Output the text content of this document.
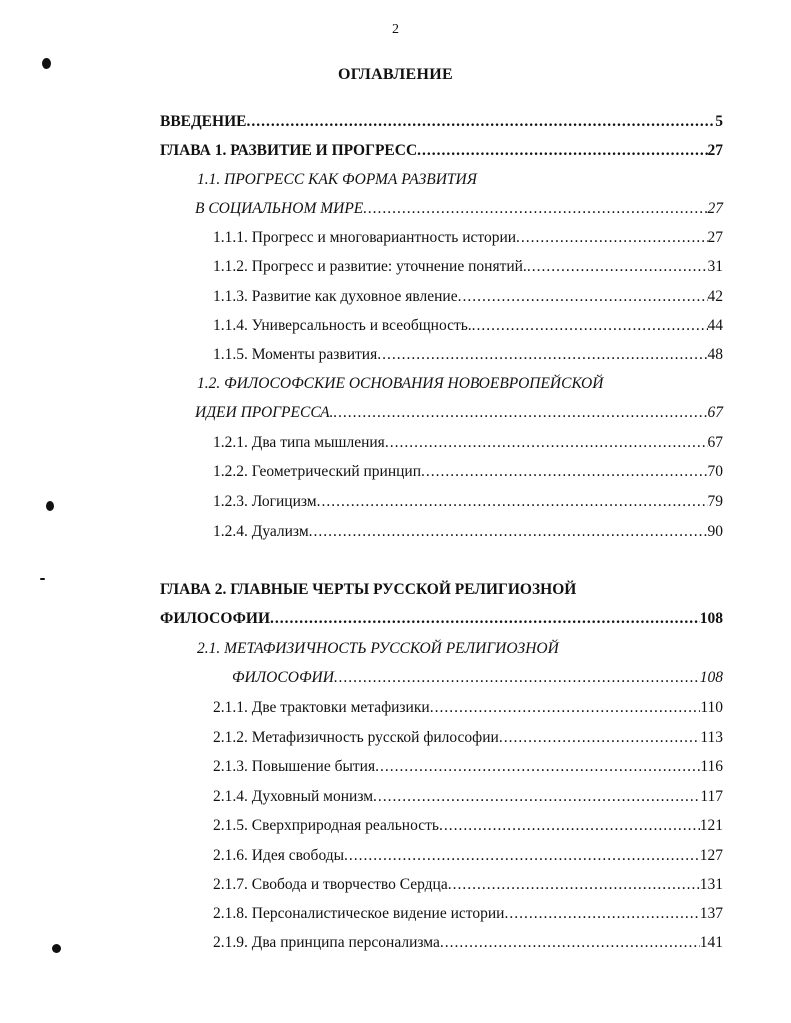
2
ОГЛАВЛЕНИЕ
ВВЕДЕНИЕ .....	5
ГЛАВА 1. РАЗВИТИЕ И ПРОГРЕСС .....	27
1.1. ПРОГРЕСС КАК ФОРМА РАЗВИТИЯ
В СОЦИАЛЬНОМ МИРЕ .....	27
1.1.1. Прогресс и многовариантность истории .....	27
1.1.2. Прогресс и развитие: уточнение понятий. .....	31
1.1.3. Развитие как духовное явление .....	42
1.1.4. Универсальность и всеобщность. .....	44
1.1.5. Моменты развития .....	48
1.2. ФИЛОСОФСКИЕ ОСНОВАНИЯ НОВОЕВРОПЕЙСКОЙ
ИДЕИ ПРОГРЕССА. .....	67
1.2.1. Два типа мышления .....	67
1.2.2. Геометрический принцип .....	70
1.2.3. Логицизм .....	79
1.2.4. Дуализм .....	90
ГЛАВА 2. ГЛАВНЫЕ ЧЕРТЫ РУССКОЙ РЕЛИГИОЗНОЙ
ФИЛОСОФИИ .....	108
2.1. МЕТАФИЗИЧНОСТЬ РУССКОЙ РЕЛИГИОЗНОЙ
ФИЛОСОФИИ .....	108
2.1.1. Две трактовки метафизики .....	110
2.1.2. Метафизичность русской философии .....	113
2.1.3. Повышение бытия .....	116
2.1.4. Духовный монизм .....	117
2.1.5. Сверхприродная реальность .....	121
2.1.6. Идея свободы .....	127
2.1.7. Свобода и творчество Сердца .....	131
2.1.8. Персоналистическое видение истории .....	137
2.1.9. Два принципа персонализма .....	141
